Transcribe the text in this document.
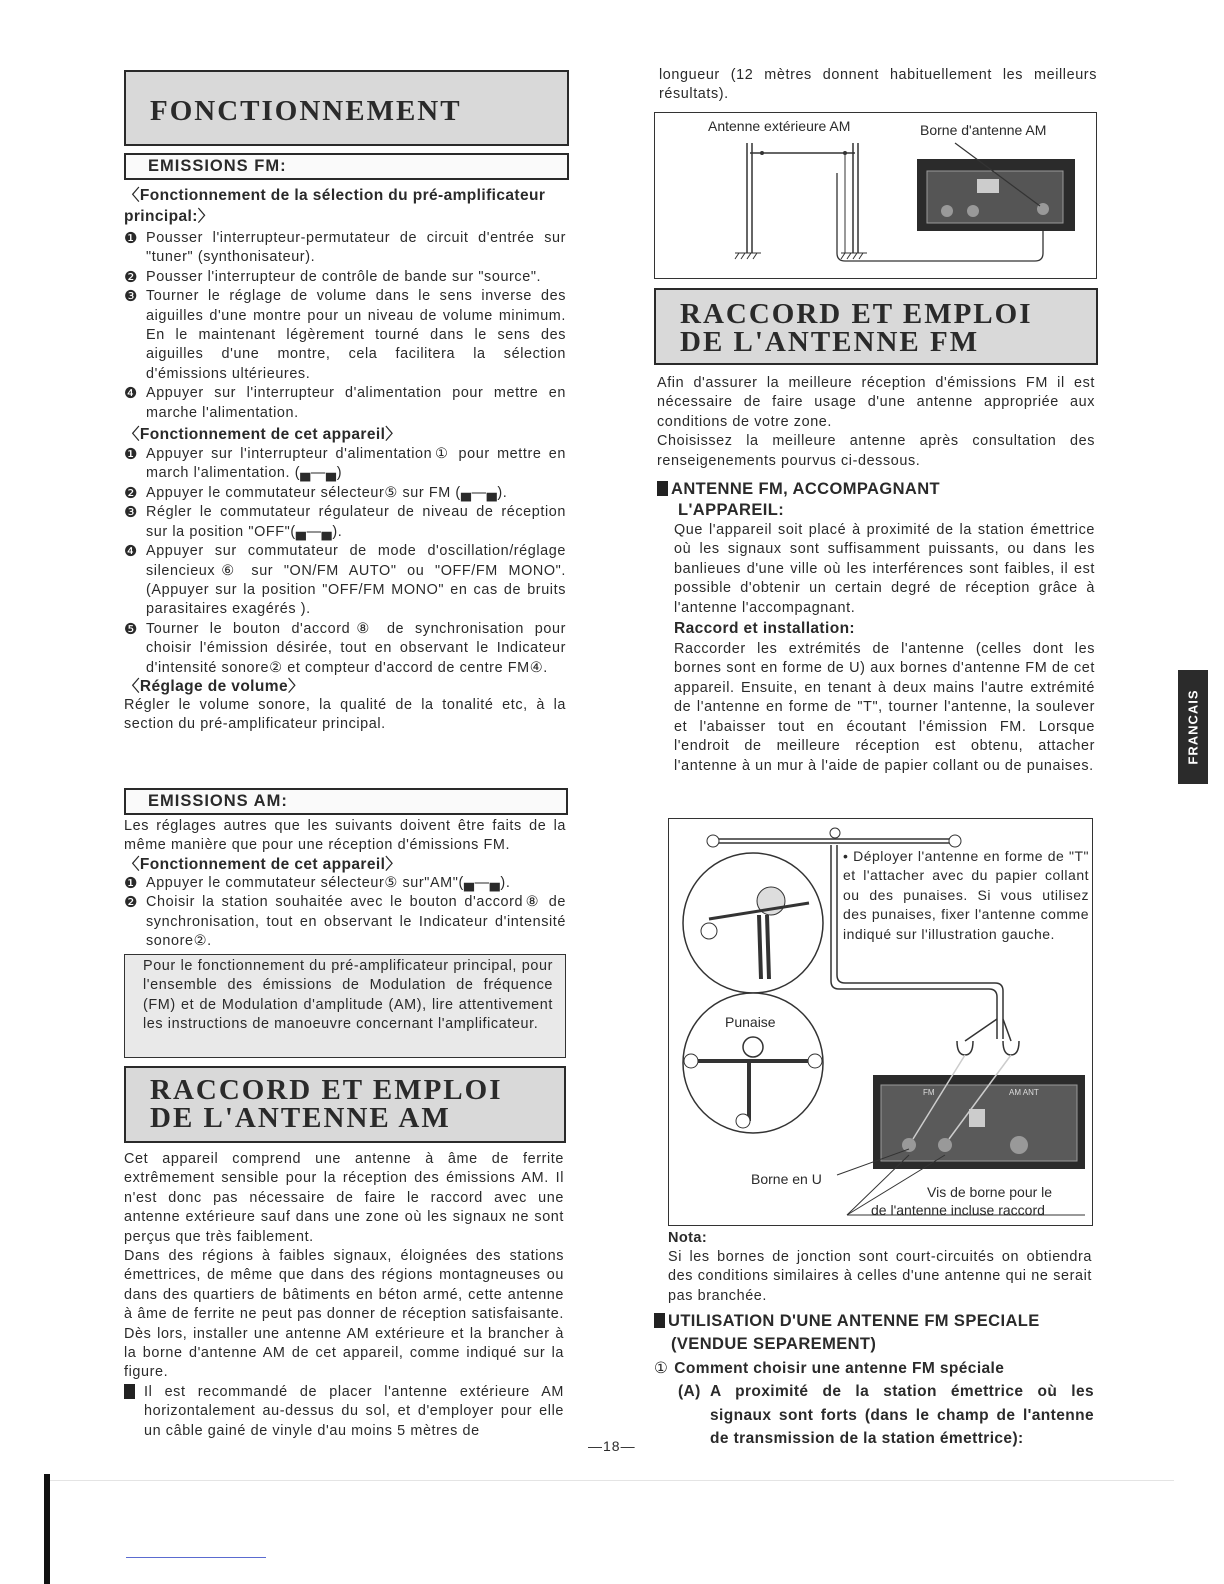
FONCTIONNEMENT
EMISSIONS FM:

〈Fonctionnement de la sélection du pré-amplificateur principal:〉

❶ Pousser l'interrupteur-permutateur de circuit d'entrée sur "tuner" (synthonisateur).
❷ Pousser l'interrupteur de contrôle de bande sur "source".
❸ Tourner le réglage de volume dans le sens inverse des aiguilles d'une montre pour un niveau de volume minimum. En le maintenant légèrement tourné dans le sens des aiguilles d'une montre, cela facilitera la sélection d'émissions ultérieures.
❹ Appuyer sur l'interrupteur d'alimentation pour mettre en marche l'alimentation.

〈Fonctionnement de cet appareil〉

❶ Appuyer sur l'interrupteur d'alimentation① pour mettre en march l'alimentation. (▄—▄)
❷ Appuyer le commutateur sélecteur⑤ sur FM (▄—▄).
❸ Régler le commutateur régulateur de niveau de réception sur la position "OFF"(▄—▄).
❹ Appuyer sur commutateur de mode d'oscillation/réglage silencieux⑥ sur "ON/FM AUTO" ou "OFF/FM MONO". (Appuyer sur la position "OFF/FM MONO" en cas de bruits parasitaires exagérés ).
❺ Tourner le bouton d'accord⑧ de synchronisation pour choisir l'émission désirée, tout en observant le Indicateur d'intensité sonore② et compteur d'accord de centre FM④.

〈Réglage de volume〉

Régler le volume sonore, la qualité de la tonalité etc, à la section du pré-amplificateur principal.

EMISSIONS AM:

Les réglages autres que les suivants doivent être faits de la même manière que pour une réception d'émissions FM.

〈Fonctionnement de cet appareil〉

❶ Appuyer le commutateur sélecteur⑤ sur"AM"(▄—▄).
❷ Choisir la station souhaitée avec le bouton d'accord⑧ de synchronisation, tout en observant le Indicateur d'intensité sonore②.
Pour le fonctionnement du pré-amplificateur principal, pour l'ensemble des émissions de Modulation de fréquence (FM) et de Modulation d'amplitude (AM), lire attentivement les instructions de manoeuvre concernant l'amplificateur.
RACCORD ET EMPLOI
DE L'ANTENNE AM

Cet appareil comprend une antenne à âme de ferrite extrêmement sensible pour la réception des émissions AM. Il n'est donc pas nécessaire de faire le raccord avec une antenne extérieure sauf dans une zone où les signaux ne sont perçus que très faiblement.

Dans des régions à faibles signaux, éloignées des stations émettrices, de même que dans des régions montagneuses ou dans des quartiers de bâtiments en béton armé, cette antenne à âme de ferrite ne peut pas donner de réception satisfaisante. Dès lors, installer une antenne AM extérieure et la brancher à la borne d'antenne AM de cet appareil, comme indiqué sur la figure.

Il est recommandé de placer l'antenne extérieure AM horizontalement au-dessus du sol, et d'employer pour elle un câble gainé de vinyle d'au moins 5 mètres de
—18—

longueur (12 mètres donnent habituellement les meilleurs résultats).

Antenne extérieure AM	Borne d'antenne AM
RACCORD ET EMPLOI
DE L'ANTENNE FM

Afin d'assurer la meilleure réception d'émissions FM il est nécessaire de faire usage d'une antenne appropriée aux conditions de votre zone.

Choisissez la meilleure antenne après consultation des renseigenements pourvus ci-dessous.

ANTENNE FM, ACCOMPAGNANT

L'APPAREIL:

Que l'appareil soit placé à proximité de la station émettrice où les signaux sont suffisamment puissants, ou dans les banlieues d'une ville où les interférences sont faibles, il est possible d'obtenir un certain degré de réception grâce à l'antenne l'accompagnant.

Raccord et installation:

Raccorder les extrémités de l'antenne (celles dont les bornes sont en forme de U) aux bornes d'antenne FM de cet appareil. Ensuite, en tenant à deux mains l'autre extrémité de l'antenne en forme de "T", tourner l'antenne, la soulever et l'abaisser tout en écoutant l'émission FM. Lorsque l'endroit de meilleure réception est obtenu, attacher l'antenne à un mur à l'aide de papier collant ou de punaises.

Punaise
FM	AM ANT
Borne en U
Vis de borne pour le
de l'antenne incluse raccord
• Déployer l'antenne en forme de "T" et l'attacher avec du papier collant ou des punaises. Si vous utilisez des punaises, fixer l'antenne comme indiqué sur l'illustration gauche.

Nota:

Si les bornes de jonction sont court-circuités on obtiendra des conditions similaires à celles d'une antenne qui ne serait pas branchée.

UTILISATION D'UNE ANTENNE FM SPECIALE

(VENDUE SEPAREMENT)

① Comment choisir une antenne FM spéciale

(A) A proximité de la station émettrice où les signaux sont forts (dans le champ de l'antenne de transmission de la station émettrice):
FRANCAIS
